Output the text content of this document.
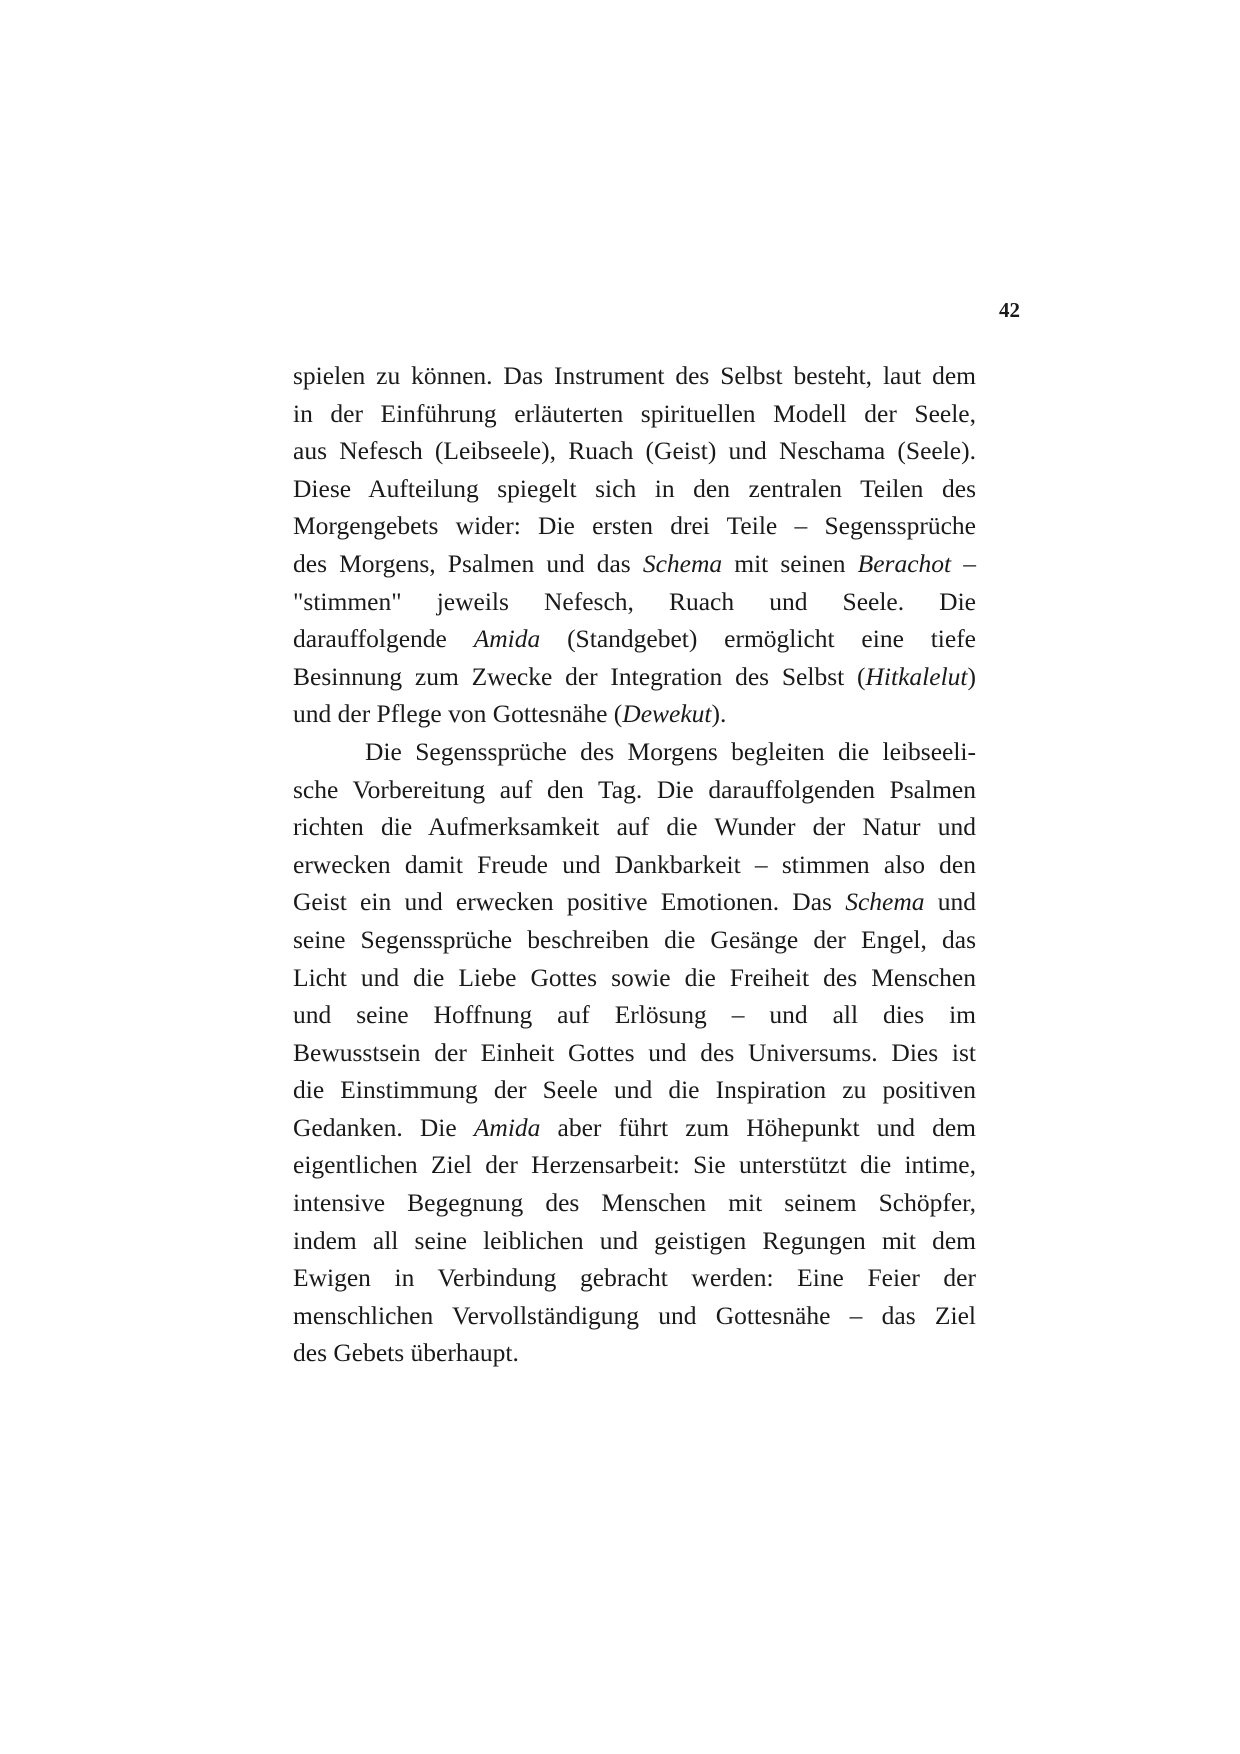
42
spielen zu können. Das Instrument des Selbst besteht, laut dem
in der Einführung erläuterten spirituellen Modell der Seele,
aus Nefesch (Leibseele), Ruach (Geist) und Neschama (Seele).
Diese Aufteilung spiegelt sich in den zentralen Teilen des
Morgengebets wider: Die ersten drei Teile – Segenssprüche
des Morgens, Psalmen und das Schema mit seinen Berachot –
"stimmen" jeweils Nefesch, Ruach und Seele. Die
darauffolgende Amida (Standgebet) ermöglicht eine tiefe
Besinnung zum Zwecke der Integration des Selbst (Hitkalelut)
und der Pflege von Gottesnähe (Dewekut).
Die Segenssprüche des Morgens begleiten die leibseeli-
sche Vorbereitung auf den Tag. Die darauffolgenden Psalmen
richten die Aufmerksamkeit auf die Wunder der Natur und
erwecken damit Freude und Dankbarkeit – stimmen also den
Geist ein und erwecken positive Emotionen. Das Schema und
seine Segenssprüche beschreiben die Gesänge der Engel, das
Licht und die Liebe Gottes sowie die Freiheit des Menschen
und seine Hoffnung auf Erlösung – und all dies im
Bewusstsein der Einheit Gottes und des Universums. Dies ist
die Einstimmung der Seele und die Inspiration zu positiven
Gedanken. Die Amida aber führt zum Höhepunkt und dem
eigentlichen Ziel der Herzensarbeit: Sie unterstützt die intime,
intensive Begegnung des Menschen mit seinem Schöpfer,
indem all seine leiblichen und geistigen Regungen mit dem
Ewigen in Verbindung gebracht werden: Eine Feier der
menschlichen Vervollständigung und Gottesnähe – das Ziel
des Gebets überhaupt.
